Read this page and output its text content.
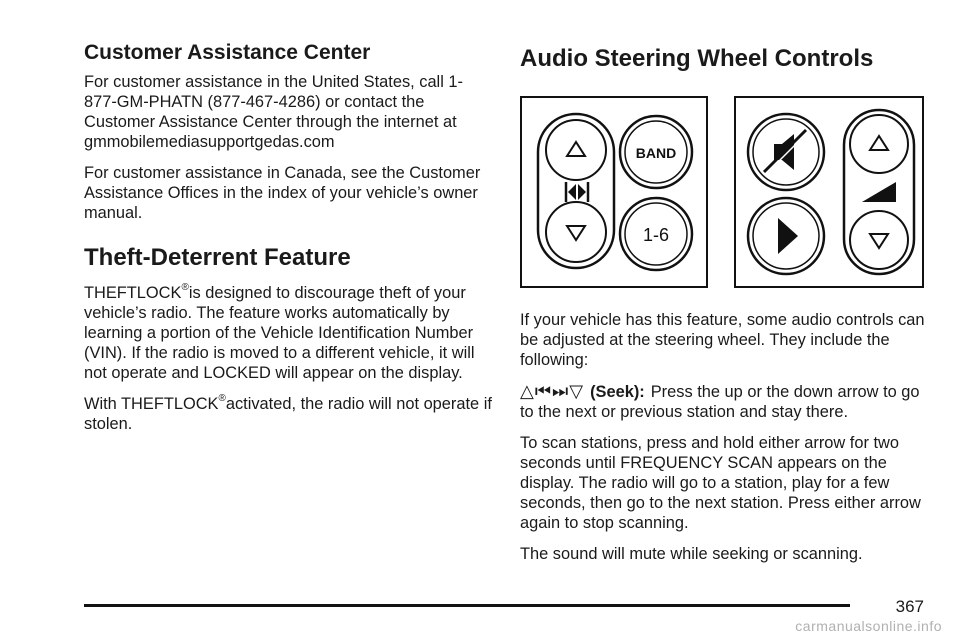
Customer Assistance Center

For customer assistance in the United States, call 1-877-GM-PHATN (877-467-4286) or contact the Customer Assistance Center through the internet at gmmobilemediasupportgedas.com

For customer assistance in Canada, see the Customer Assistance Offices in the index of your vehicle’s owner manual.

Theft-Deterrent Feature

THEFTLOCK®is designed to discourage theft of your vehicle’s radio. The feature works automatically by learning a portion of the Vehicle Identification Number (VIN). If the radio is moved to a different vehicle, it will not operate and LOCKED will appear on the display.

With THEFTLOCK®activated, the radio will not operate if stolen.

Audio Steering Wheel Controls
BAND
1-6

If your vehicle has this feature, some audio controls can be adjusted at the steering wheel. They include the following:

△⏮⏭▽ (Seek): Press the up or the down arrow to go to the next or previous station and stay there.

To scan stations, press and hold either arrow for two seconds until FREQUENCY SCAN appears on the display. The radio will go to a station, play for a few seconds, then go to the next station. Press either arrow again to stop scanning.

The sound will mute while seeking or scanning.

367
carmanualsonline.info
